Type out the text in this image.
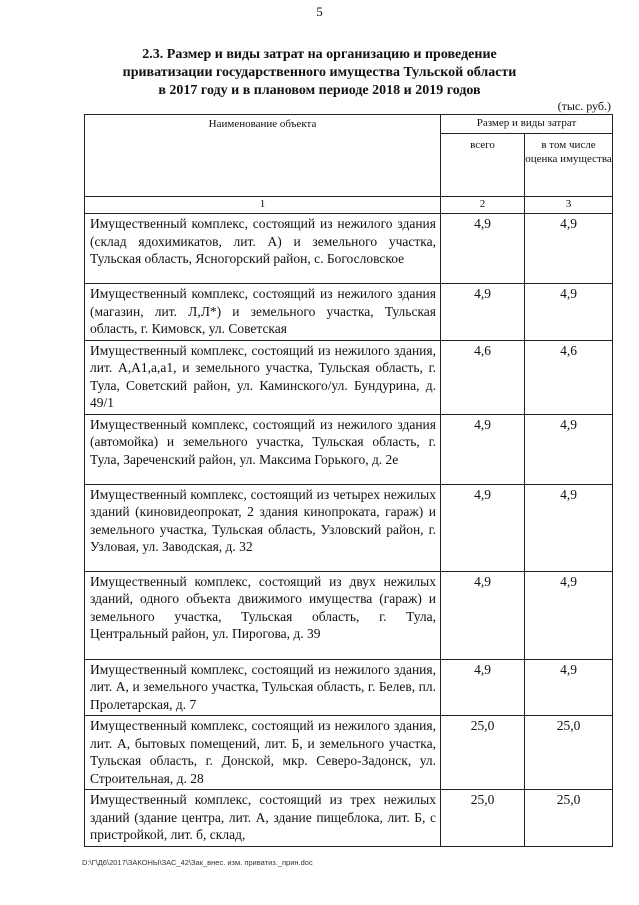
5
2.3. Размер и виды затрат на организацию и проведение
приватизации государственного имущества Тульской области
в 2017 году и в плановом периоде 2018 и 2019 годов
(тыс. руб.)
Наименование объекта	Размер и виды затрат	
	всего	в том числе оценка имущества
1	2	3
Имущественный комплекс, состоящий из нежилого здания (склад ядохимикатов, лит. А) и земельного участка, Тульская область, Ясногорский район, с. Богословское	4,9	4,9
Имущественный комплекс, состоящий из нежилого здания (магазин, лит. Л,Л*) и земельного участка, Тульская область, г. Кимовск, ул. Советская	4,9	4,9
Имущественный комплекс, состоящий из нежилого здания, лит. А,А1,а,а1, и земельного участка, Тульская область, г. Тула, Советский район, ул. Каминского/ул. Бундурина, д. 49/1	4,6	4,6
Имущественный комплекс, состоящий из нежилого здания (автомойка) и земельного участка, Тульская область, г. Тула, Зареченский район, ул. Максима Горького, д. 2е	4,9	4,9
Имущественный комплекс, состоящий из четырех нежилых зданий (киновидеопрокат, 2 здания кинопроката, гараж) и земельного участка, Тульская область, Узловский район, г. Узловая, ул. Заводская, д. 32	4,9	4,9
Имущественный комплекс, состоящий из двух нежилых зданий, одного объекта движимого имущества (гараж) и земельного участка, Тульская область, г. Тула, Центральный район, ул. Пирогова, д. 39	4,9	4,9
Имущественный комплекс, состоящий из нежилого здания, лит. А, и земельного участка, Тульская область, г. Белев, пл. Пролетарская, д. 7	4,9	4,9
Имущественный комплекс, состоящий из нежилого здания, лит. А, бытовых помещений, лит. Б, и земельного участка, Тульская область, г. Донской, мкр. Северо-Задонск, ул. Строительная, д. 28	25,0	25,0
Имущественный комплекс, состоящий из трех нежилых зданий (здание центра, лит. А, здание пищеблока, лит. Б, с пристройкой, лит. б, склад,	25,0	25,0
D:\Г\Д6\2017\ЗАКОНЫ\ЗАС_42\Зак_внес. изм. приватиз._прин.doc
